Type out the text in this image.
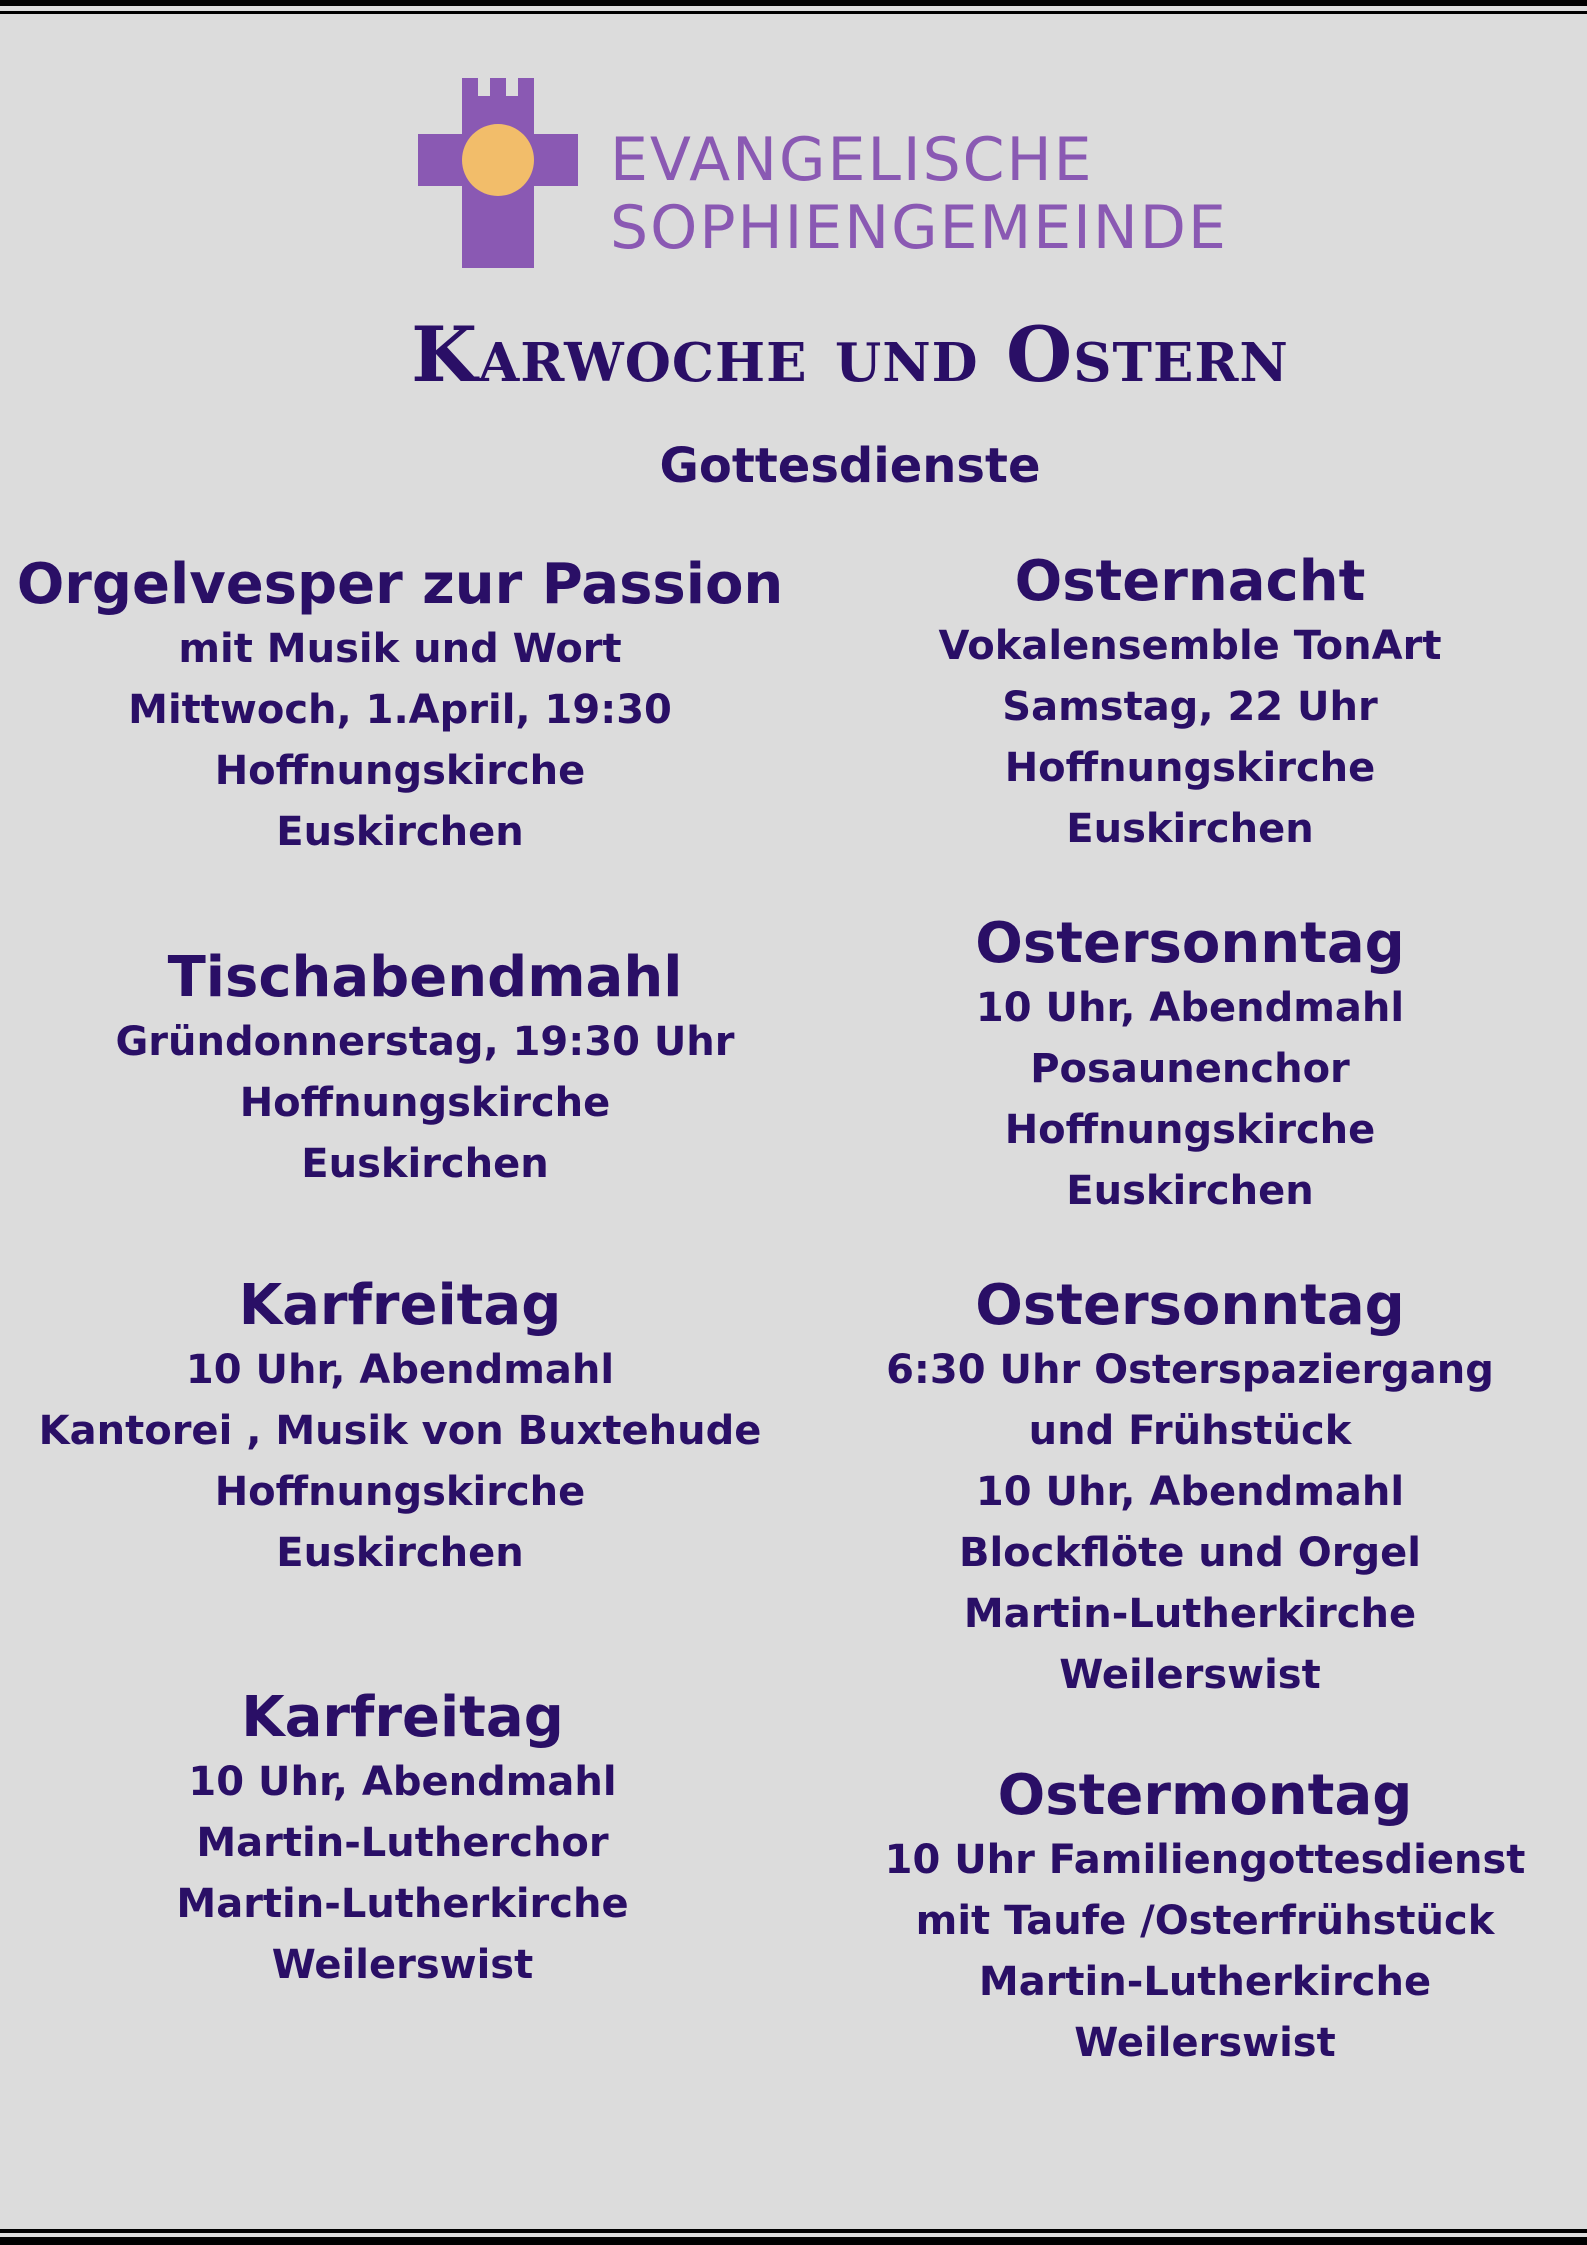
EVANGELISCHE
SOPHIENGEMEINDE
Karwoche und Ostern
Gottesdienste
Orgelvesper zur Passion
mit Musik und Wort
Mittwoch, 1.April, 19:30
Hoffnungskirche
Euskirchen
Tischabendmahl
Gründonnerstag, 19:30 Uhr
Hoffnungskirche
Euskirchen
Karfreitag
10 Uhr, Abendmahl
Kantorei , Musik von Buxtehude
Hoffnungskirche
Euskirchen
Karfreitag
10 Uhr, Abendmahl
Martin-Lutherchor
Martin-Lutherkirche
Weilerswist
Osternacht
Vokalensemble TonArt
Samstag, 22 Uhr
Hoffnungskirche
Euskirchen
Ostersonntag
10 Uhr, Abendmahl
Posaunenchor
Hoffnungskirche
Euskirchen
Ostersonntag
6:30 Uhr Osterspaziergang
und Frühstück
10 Uhr, Abendmahl
Blockflöte und Orgel
Martin-Lutherkirche
Weilerswist
Ostermontag
10 Uhr Familiengottesdienst
mit Taufe /Osterfrühstück
Martin-Lutherkirche
Weilerswist
